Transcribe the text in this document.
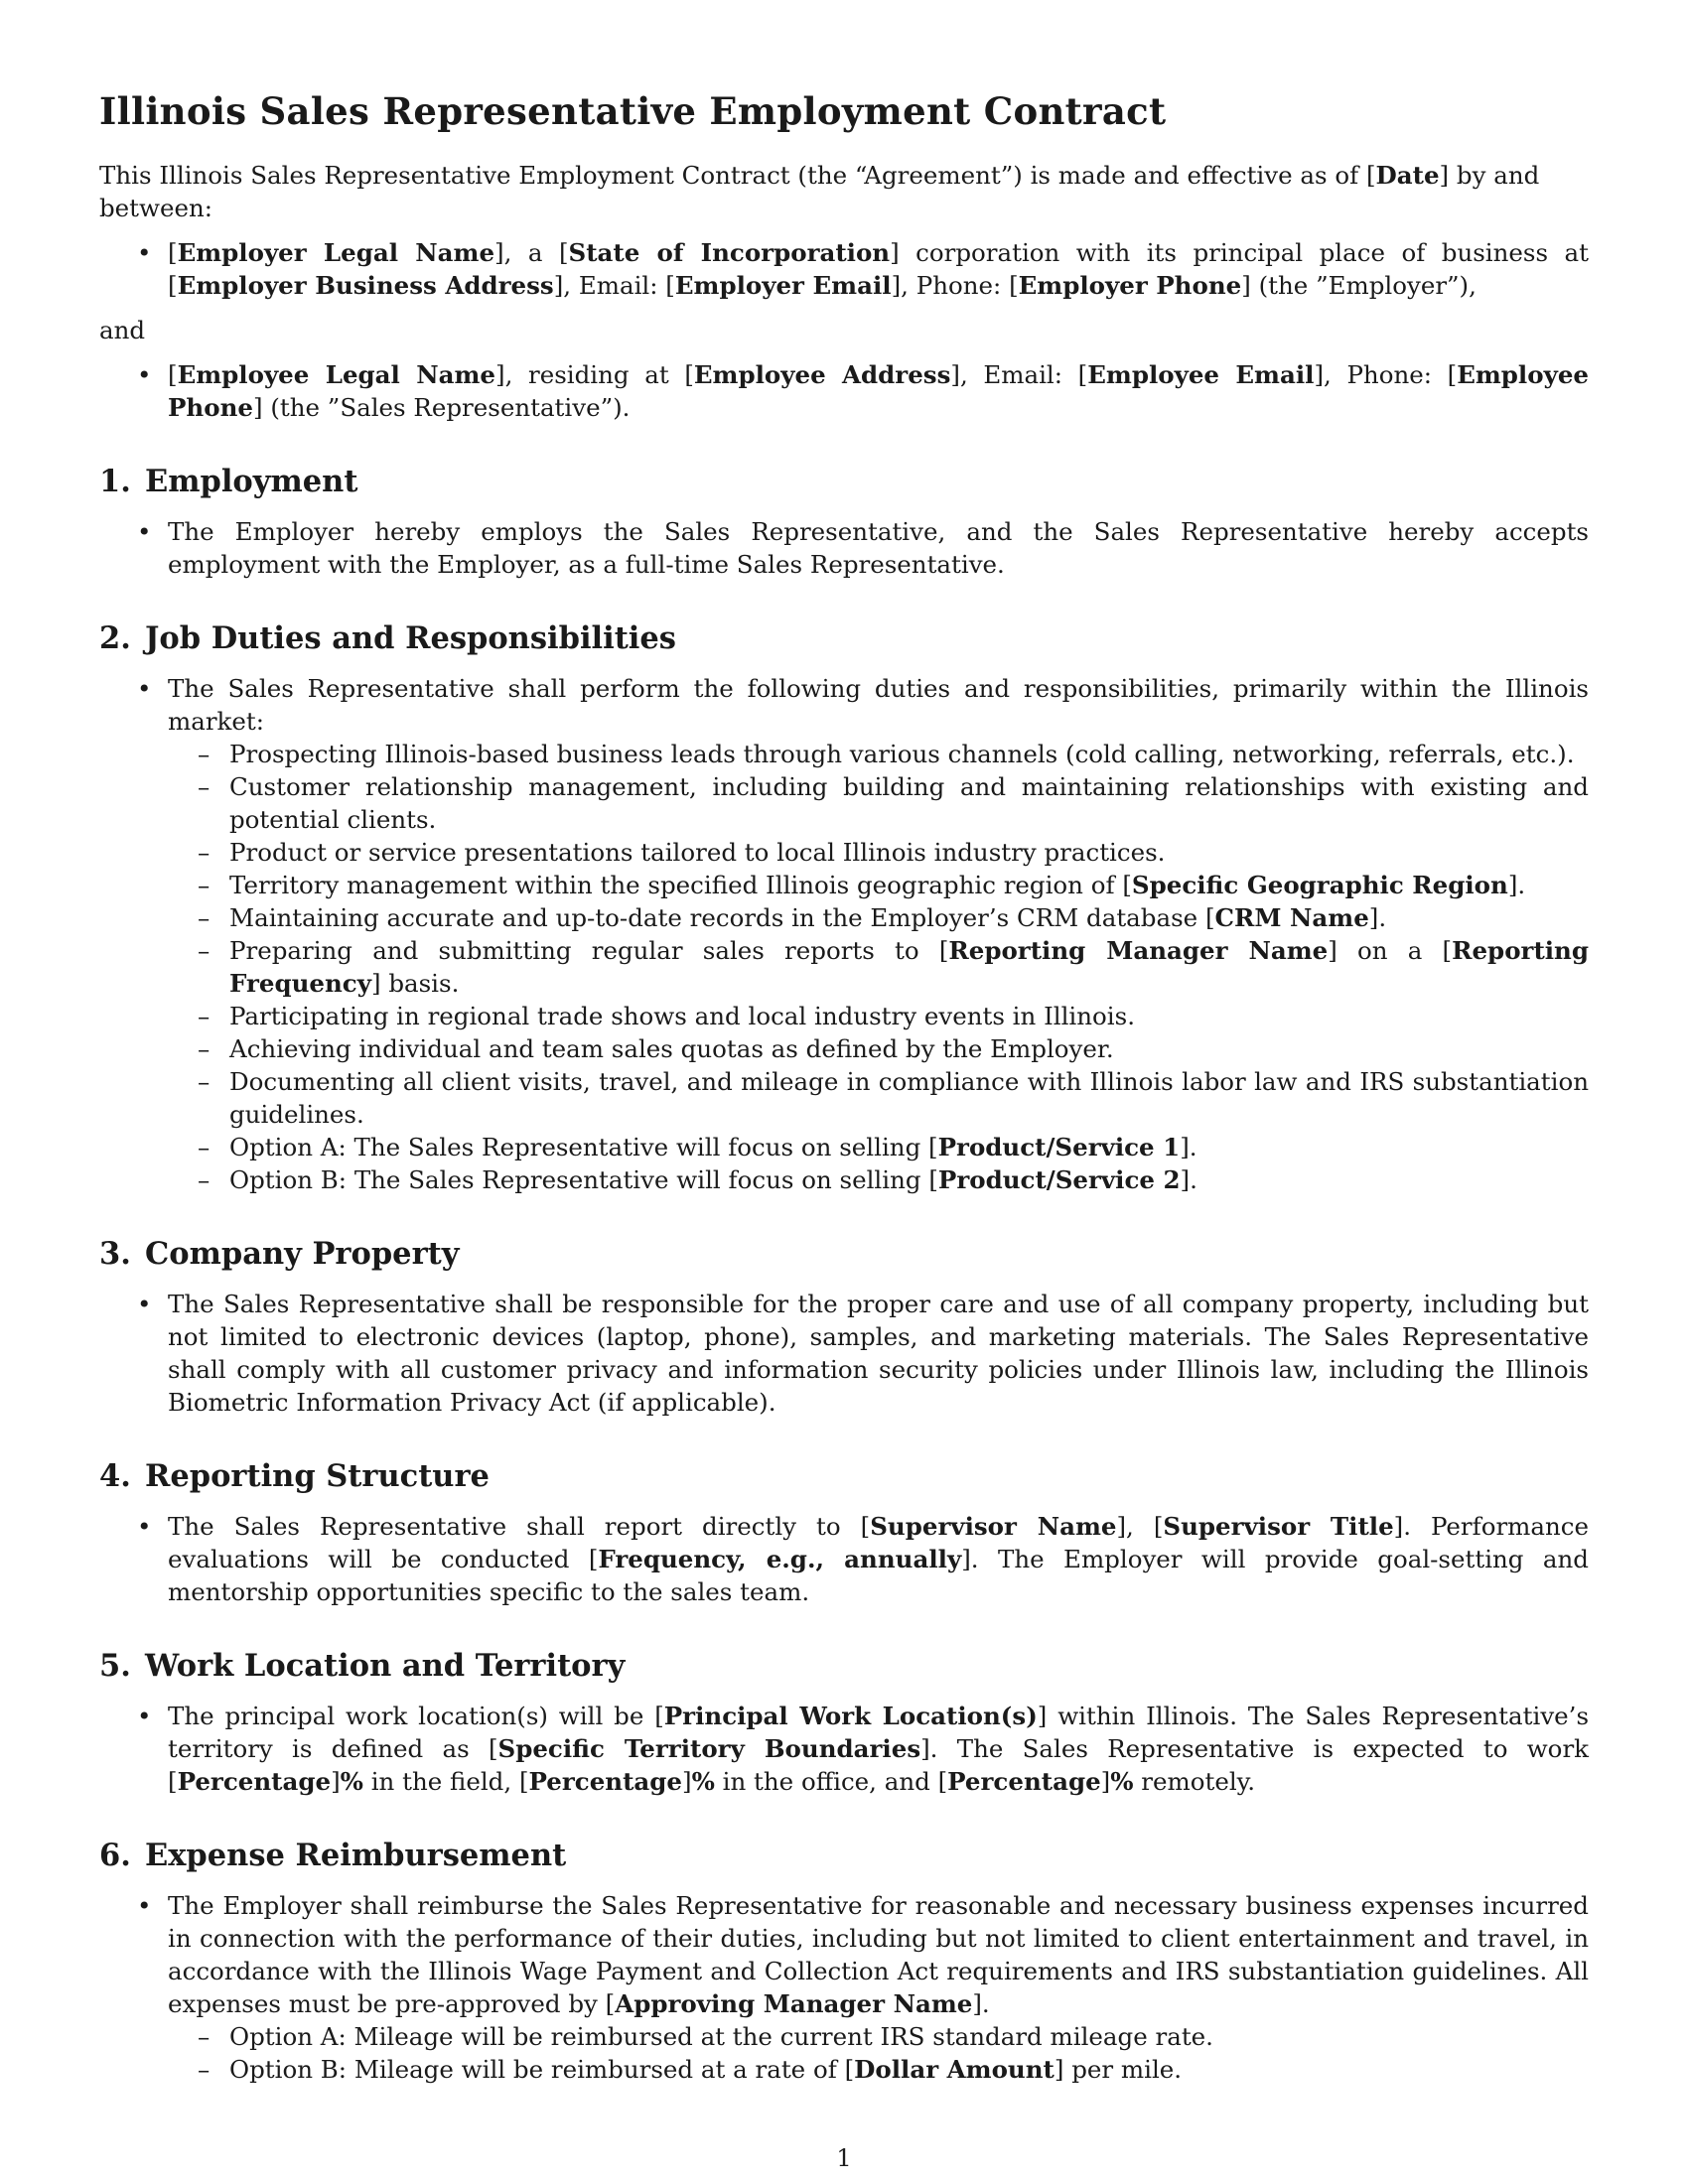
Illinois Sales Representative Employment Contract

This Illinois Sales Representative Employment Contract (the “Agreement”) is made and effective as of [Date] by and between:

• [Employer Legal Name], a [State of Incorporation] corporation with its principal place of business at [Employer Business Address], Email: [Employer Email], Phone: [Employer Phone] (the ”Employer”),

and

• [Employee Legal Name], residing at [Employee Address], Email: [Employee Email], Phone: [Employee Phone] (the ”Sales Representative”).
1. Employment
• The Employer hereby employs the Sales Representative, and the Sales Representative hereby accepts employment with the Employer, as a full-time Sales Representative.
2. Job Duties and Responsibilities
• The Sales Representative shall perform the following duties and responsibilities, primarily within the Illinois market:
– Prospecting Illinois-based business leads through various channels (cold calling, networking, referrals, etc.).
– Customer relationship management, including building and maintaining relationships with existing and potential clients.
– Product or service presentations tailored to local Illinois industry practices.
– Territory management within the specified Illinois geographic region of [Specific Geographic Region].
– Maintaining accurate and up-to-date records in the Employer’s CRM database [CRM Name].
– Preparing and submitting regular sales reports to [Reporting Manager Name] on a [Reporting Frequency] basis.
– Participating in regional trade shows and local industry events in Illinois.
– Achieving individual and team sales quotas as defined by the Employer.
– Documenting all client visits, travel, and mileage in compliance with Illinois labor law and IRS substantiation guidelines.
– Option A: The Sales Representative will focus on selling [Product/Service 1].
– Option B: The Sales Representative will focus on selling [Product/Service 2].
3. Company Property
• The Sales Representative shall be responsible for the proper care and use of all company property, including but not limited to electronic devices (laptop, phone), samples, and marketing materials. The Sales Representative shall comply with all customer privacy and information security policies under Illinois law, including the Illinois Biometric Information Privacy Act (if applicable).
4. Reporting Structure
• The Sales Representative shall report directly to [Supervisor Name], [Supervisor Title]. Performance evaluations will be conducted [Frequency, e.g., annually]. The Employer will provide goal-setting and mentorship opportunities specific to the sales team.
5. Work Location and Territory
• The principal work location(s) will be [Principal Work Location(s)] within Illinois. The Sales Representative’s territory is defined as [Specific Territory Boundaries]. The Sales Representative is expected to work [Percentage]% in the field, [Percentage]% in the office, and [Percentage]% remotely.
6. Expense Reimbursement
• The Employer shall reimburse the Sales Representative for reasonable and necessary business expenses incurred in connection with the performance of their duties, including but not limited to client entertainment and travel, in accordance with the Illinois Wage Payment and Collection Act requirements and IRS substantiation guidelines. All expenses must be pre-approved by [Approving Manager Name].
– Option A: Mileage will be reimbursed at the current IRS standard mileage rate.
– Option B: Mileage will be reimbursed at a rate of [Dollar Amount] per mile.
1
